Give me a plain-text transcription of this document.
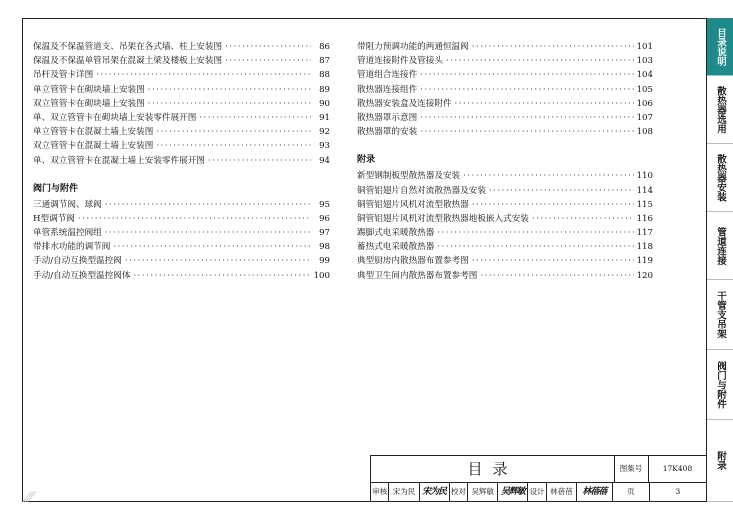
保温及不保温管道支、吊架在各式墙、柱上安装图 ·····	86
保温及不保温单管吊架在混凝土梁及楼板上安装图 ·····	87
吊杆及管卡详图 ·····	88
单立管管卡在砌块墙上安装图 ·····	89
双立管管卡在砌块墙上安装图 ·····	90
单、双立管管卡在砌块墙上安装零件展开图 ·····	91
单立管管卡在混凝土墙上安装图 ·····	92
双立管管卡在混凝土墙上安装图 ·····	93
单、双立管管卡在混凝土墙上安装零件展开图 ·····	94
阀门与附件
三通调节阀、球阀 ·····	95
H型调节阀 ·····	96
单管系统温控阀组 ·····	97
带排水功能的调节阀 ·····	98
手动/自动互换型温控阀 ·····	99
手动/自动互换型温控阀体 ·····	100
带阻力预调功能的两通恒温阀 ·····	101
管道连接附件及管接头 ·····	103
管道组合连接件 ·····	104
散热器连接组件 ·····	105
散热器安装盒及连接附件 ·····	106
散热器罩示意图 ·····	107
散热器罩的安装 ·····	108
附录
新型钢制板型散热器及安装 ·····	110
铜管铝翅片自然对流散热器及安装 ·····	114
铜管铝翅片风机对流型散热器 ·····	115
铜管铝翅片风机对流型散热器地板嵌入式安装 ·····	116
踢脚式电采暖散热器 ·····	117
蓄热式电采暖散热器 ·····	118
典型厨房内散热器布置参考图 ·····	119
典型卫生间内散热器布置参考图 ·····	120
目录	图集号	17K408
审核 宋为民 宋为民 校对 吴辉敏 吴辉敏 设计 林蓓蓓	林蓓蓓	页	3
目录说明
散热器选用
散热器安装
管道连接
干管支吊架
阀门与附件
附录
⁄⁄⁄
